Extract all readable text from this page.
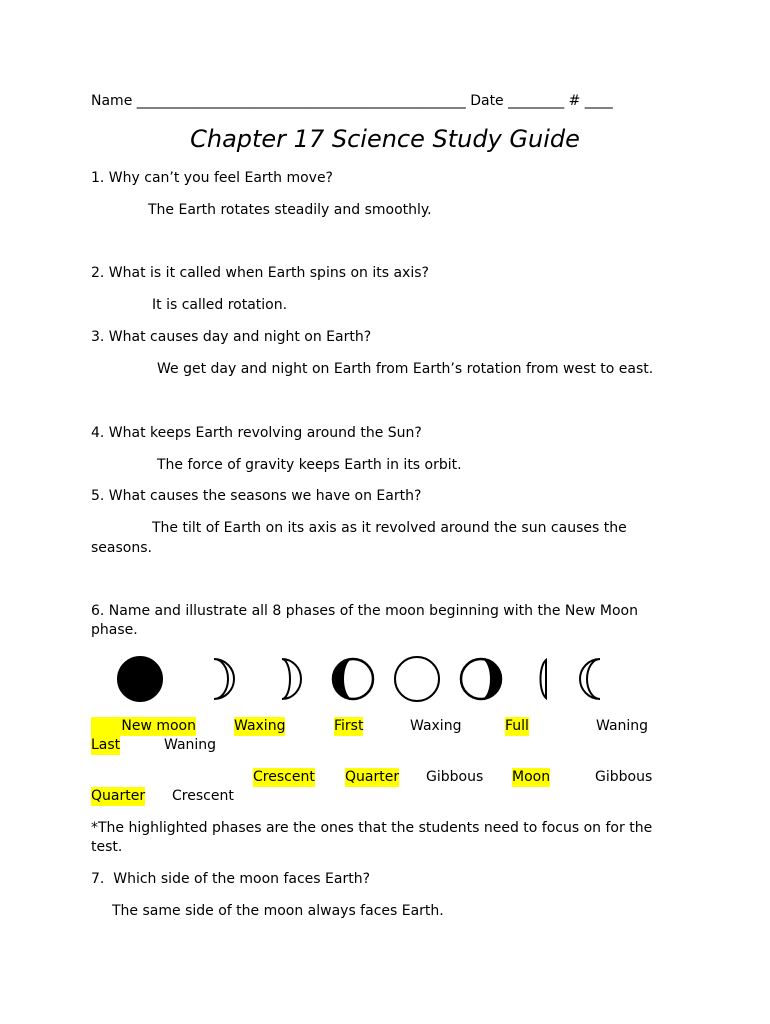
Name _______________________________________________ Date ________ # ____
Chapter 17 Science Study Guide
1. Why can’t you feel Earth move?
The Earth rotates steadily and smoothly.
2. What is it called when Earth spins on its axis?
It is called rotation.
3. What causes day and night on Earth?
We get day and night on Earth from Earth’s rotation from west to east.
4. What keeps Earth revolving around the Sun?
The force of gravity keeps Earth in its orbit.
5. What causes the seasons we have on Earth?
The tilt of Earth on its axis as it revolved around the sun causes the
seasons.
6. Name and illustrate all 8 phases of the moon beginning with the New Moon
phase.
New moon	Waxing	First	Waxing	Full	Waning
Last	Waning
Crescent Quarter Gibbous Moon	Gibbous
Quarter Crescent
*The highlighted phases are the ones that the students need to focus on for the
test.
7.  Which side of the moon faces Earth?
The same side of the moon always faces Earth.
